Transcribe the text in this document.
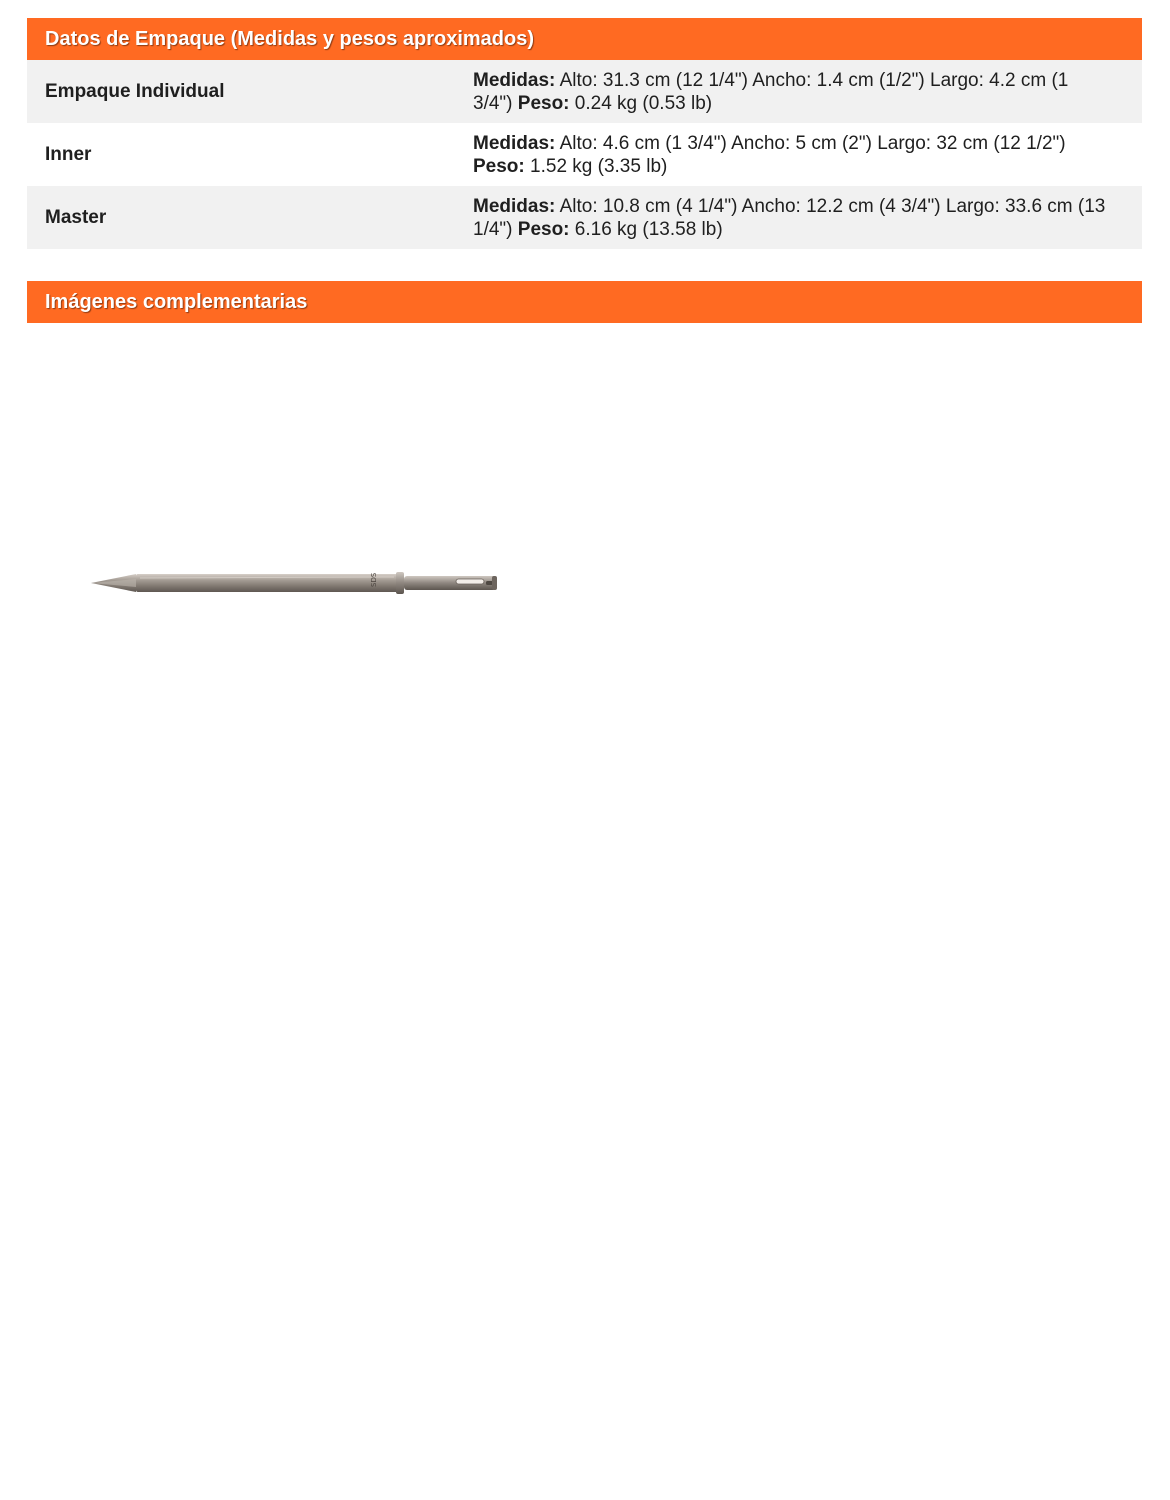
Datos de Empaque (Medidas y pesos aproximados)
Empaque Individual
Medidas: Alto: 31.3 cm (12 1/4") Ancho: 1.4 cm (1/2") Largo: 4.2 cm (1 3/4") Peso: 0.24 kg (0.53 lb)
Inner
Medidas: Alto: 4.6 cm (1 3/4") Ancho: 5 cm (2") Largo: 32 cm (12 1/2") Peso: 1.52 kg (3.35 lb)
Master
Medidas: Alto: 10.8 cm (4 1/4") Ancho: 12.2 cm (4 3/4") Largo: 33.6 cm (13 1/4") Peso: 6.16 kg (13.58 lb)
Imágenes complementarias
SDS
